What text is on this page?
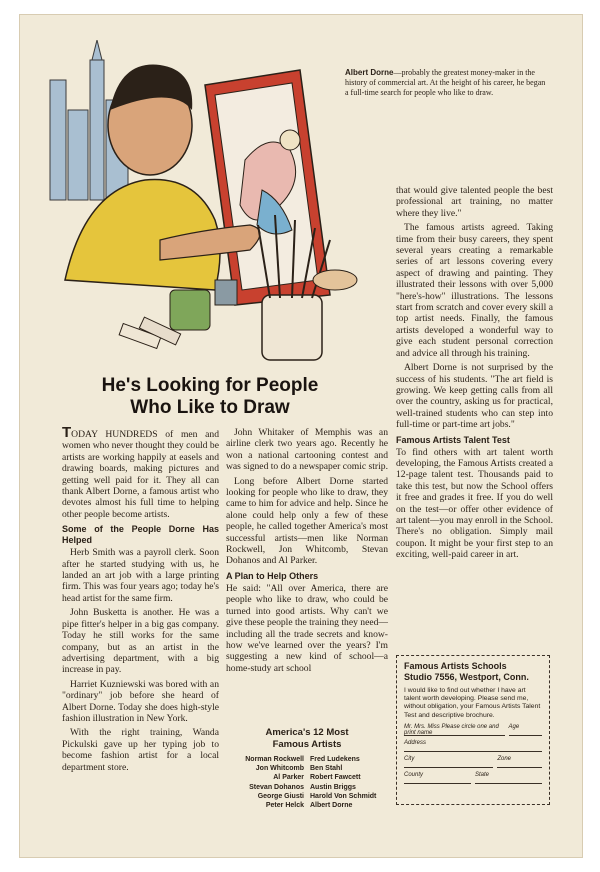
Albert Dorne—probably the greatest money-maker in the history of commercial art. At the height of his career, he began a full-time search for people who like to draw.
He's Looking for People
Who Like to Draw

TODAY HUNDREDS of men and women who never thought they could be artists are working happily at easels and drawing boards, making pictures and getting well paid for it. They all can thank Albert Dorne, a famous artist who devotes almost his full time to helping other people become artists.

Some of the People Dorne Has Helped

Herb Smith was a payroll clerk. Soon after he started studying with us, he landed an art job with a large printing firm. This was four years ago; today he's head artist for the same firm.

John Busketta is another. He was a pipe fitter's helper in a big gas company. Today he still works for the same company, but as an artist in the advertising department, with a big increase in pay.

Harriet Kuzniewski was bored with an "ordinary" job before she heard of Albert Dorne. Today she does high-style fashion illustration in New York.

With the right training, Wanda Pickulski gave up her typing job to become fashion artist for a local department store.

John Whitaker of Memphis was an airline clerk two years ago. Recently he won a national cartooning contest and was signed to do a newspaper comic strip.

Long before Albert Dorne started looking for people who like to draw, they came to him for advice and help. Since he alone could help only a few of these people, he called together America's most successful artists—men like Norman Rockwell, Jon Whitcomb, Stevan Dohanos and Al Parker.

A Plan to Help Others

He said: "All over America, there are people who like to draw, who could be turned into good artists. Why can't we give these people the training they need—including all the trade secrets and know-how we've learned over the years? I'm suggesting a new kind of school—a home-study art school

America's 12 Most
Famous Artists
Norman Rockwell Fred Ludekens
Jon Whitcomb Ben Stahl
Al Parker Robert Fawcett
Stevan Dohanos Austin Briggs
George Giusti Harold Von Schmidt
Peter Helck Albert Dorne

that would give talented people the best professional art training, no matter where they live."

The famous artists agreed. Taking time from their busy careers, they spent several years creating a remarkable series of art lessons covering every aspect of drawing and painting. They illustrated their lessons with over 5,000 "here's-how" illustrations. The lessons start from scratch and cover every skill a top artist needs. Finally, the famous artists developed a wonderful way to give each student personal correction and advice all through his training.

Albert Dorne is not surprised by the success of his students. "The art field is growing. We keep getting calls from all over the country, asking us for practical, well-trained students who can step into full-time or part-time art jobs."

Famous Artists Talent Test

To find others with art talent worth developing, the Famous Artists created a 12-page talent test. Thousands paid to take this test, but now the School offers it free and grades it free. If you do well on the test—or offer other evidence of art talent—you may enroll in the School. There's no obligation. Simply mail coupon. It might be your first step to an exciting, well-paid career in art.

Famous Artists Schools
Studio 7556, Westport, Conn.
I would like to find out whether I have art talent worth developing. Please send me, without obligation, your Famous Artists Talent Test and descriptive brochure.
Mr. Mrs. Miss Please circle one and print name
Age
Address
City	Zone
County	State
